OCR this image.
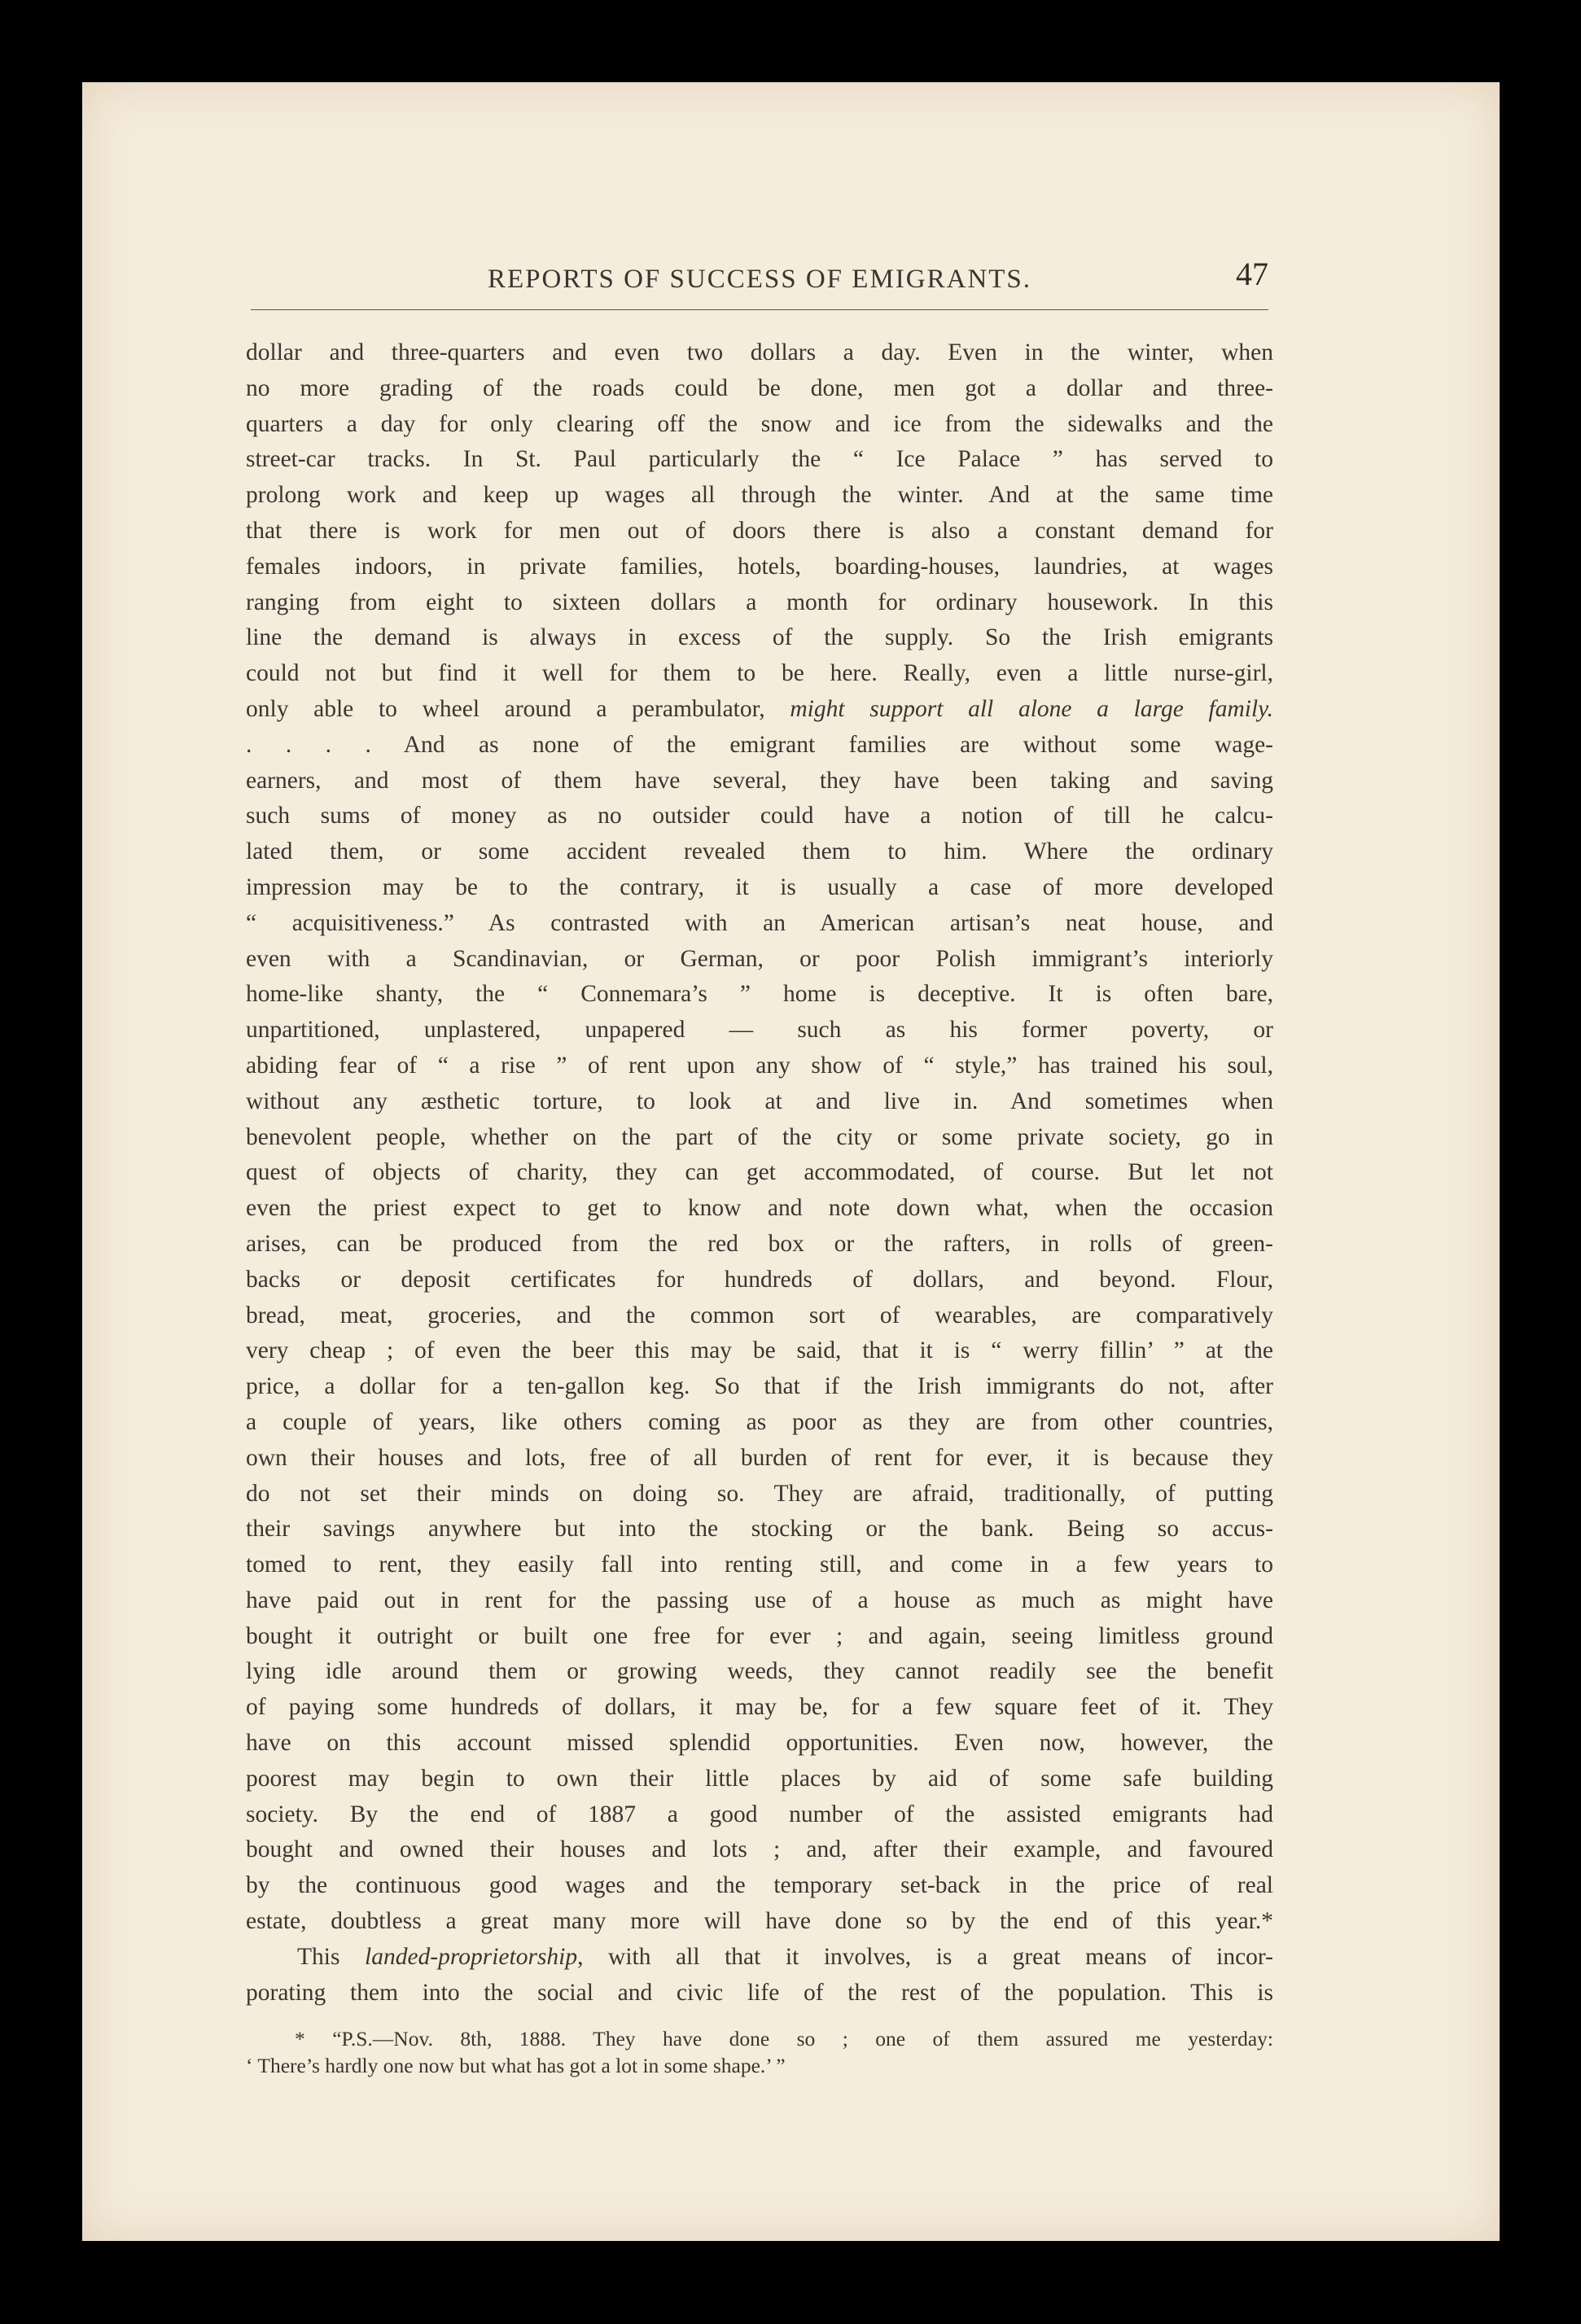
REPORTS OF SUCCESS OF EMIGRANTS.	47
dollar and three-quarters and even two dollars a day. Even in the winter, when
no more grading of the roads could be done, men got a dollar and three-
quarters a day for only clearing off the snow and ice from the sidewalks and the
street-car tracks. In St. Paul particularly the “ Ice Palace ” has served to
prolong work and keep up wages all through the winter. And at the same time
that there is work for men out of doors there is also a constant demand for
females indoors, in private families, hotels, boarding-houses, laundries, at wages
ranging from eight to sixteen dollars a month for ordinary housework. In this
line the demand is always in excess of the supply. So the Irish emigrants
could not but find it well for them to be here. Really, even a little nurse-girl,
only able to wheel around a perambulator, might support all alone a large family.
. . . . And as none of the emigrant families are without some wage-
earners, and most of them have several, they have been taking and saving
such sums of money as no outsider could have a notion of till he calcu-
lated them, or some accident revealed them to him. Where the ordinary
impression may be to the contrary, it is usually a case of more developed
“ acquisitiveness.” As contrasted with an American artisan’s neat house, and
even with a Scandinavian, or German, or poor Polish immigrant’s interiorly
home-like shanty, the “ Connemara’s ” home is deceptive. It is often bare,
unpartitioned, unplastered, unpapered — such as his former poverty, or
abiding fear of “ a rise ” of rent upon any show of “ style,” has trained his soul,
without any æsthetic torture, to look at and live in. And sometimes when
benevolent people, whether on the part of the city or some private society, go in
quest of objects of charity, they can get accommodated, of course. But let not
even the priest expect to get to know and note down what, when the occasion
arises, can be produced from the red box or the rafters, in rolls of green-
backs or deposit certificates for hundreds of dollars, and beyond. Flour,
bread, meat, groceries, and the common sort of wearables, are comparatively
very cheap ; of even the beer this may be said, that it is “ werry fillin’ ” at the
price, a dollar for a ten-gallon keg. So that if the Irish immigrants do not, after
a couple of years, like others coming as poor as they are from other countries,
own their houses and lots, free of all burden of rent for ever, it is because they
do not set their minds on doing so. They are afraid, traditionally, of putting
their savings anywhere but into the stocking or the bank. Being so accus-
tomed to rent, they easily fall into renting still, and come in a few years to
have paid out in rent for the passing use of a house as much as might have
bought it outright or built one free for ever ; and again, seeing limitless ground
lying idle around them or growing weeds, they cannot readily see the benefit
of paying some hundreds of dollars, it may be, for a few square feet of it. They
have on this account missed splendid opportunities. Even now, however, the
poorest may begin to own their little places by aid of some safe building
society. By the end of 1887 a good number of the assisted emigrants had
bought and owned their houses and lots ; and, after their example, and favoured
by the continuous good wages and the temporary set-back in the price of real
estate, doubtless a great many more will have done so by the end of this year.*
This landed-proprietorship, with all that it involves, is a great means of incor-
porating them into the social and civic life of the rest of the population. This is
* “P.S.—Nov. 8th, 1888. They have done so ; one of them assured me yesterday:
‘ There’s hardly one now but what has got a lot in some shape.’ ”
